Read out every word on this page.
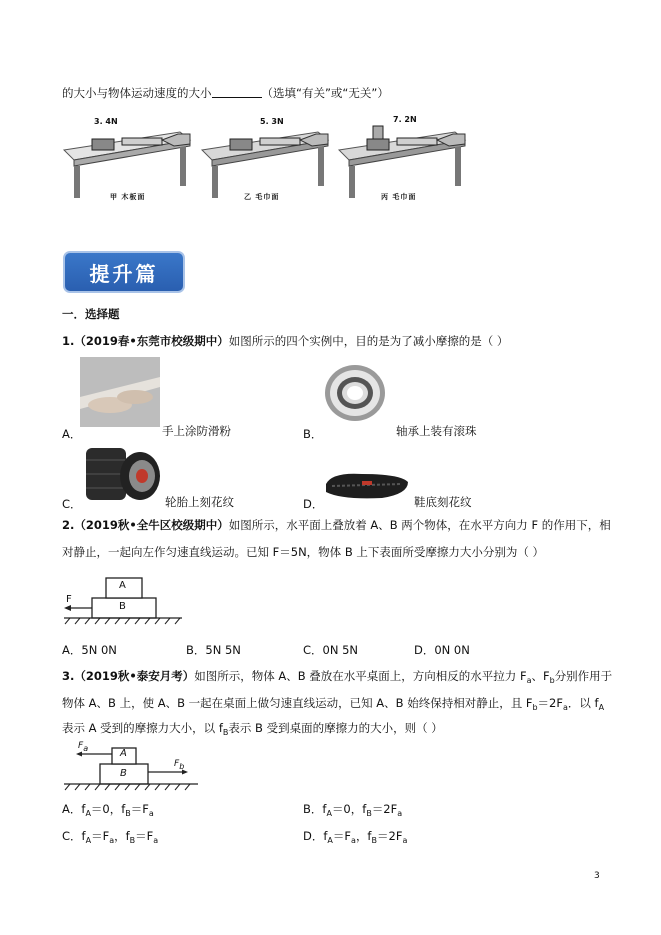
的大小与物体运动速度的大小	（选填“有关”或“无关”）
3. 4N
甲 木板面
5. 3N
乙 毛巾面
7. 2N
丙 毛巾面
提升篇
一．选择题
1.（2019春•东莞市校级期中）如图所示的四个实例中，目的是为了减小摩擦的是（ ）
A．	手上涂防滑粉	B．	轴承上装有滚珠
C．	轮胎上刻花纹	D．	鞋底刻花纹
2.（2019秋•全牛区校级期中）如图所示，水平面上叠放着 A、B 两个物体，在水平方向力 F 的作用下，相
对静止，一起向左作匀速直线运动。已知 F＝5N，物体 B 上下表面所受摩擦力大小分别为（ ）
A
B
F
A．5N 0N	B．5N 5N	C．0N 5N	D．0N 0N
3.（2019秋•泰安月考）如图所示，物体 A、B 叠放在水平桌面上，方向相反的水平拉力 $F_a$、$F_b$分别作用于
物体 A、B 上，使 A、B 一起在桌面上做匀速直线运动，已知 A、B 始终保持相对静止，且 $F_b=2F_a$．以 $f_A$
表示 A 受到的摩擦力大小，以 $f_B$表示 B 受到桌面的摩擦力的大小，则（ ）
A
B
Fa
Fb
A．$f_A=0$，$f_B=F_a$	B．$f_A=0$，$f_B=2F_a$
C．$f_A=F_a$，$f_B=F_a$	D．$f_A=F_a$，$f_B=2F_a$
3
